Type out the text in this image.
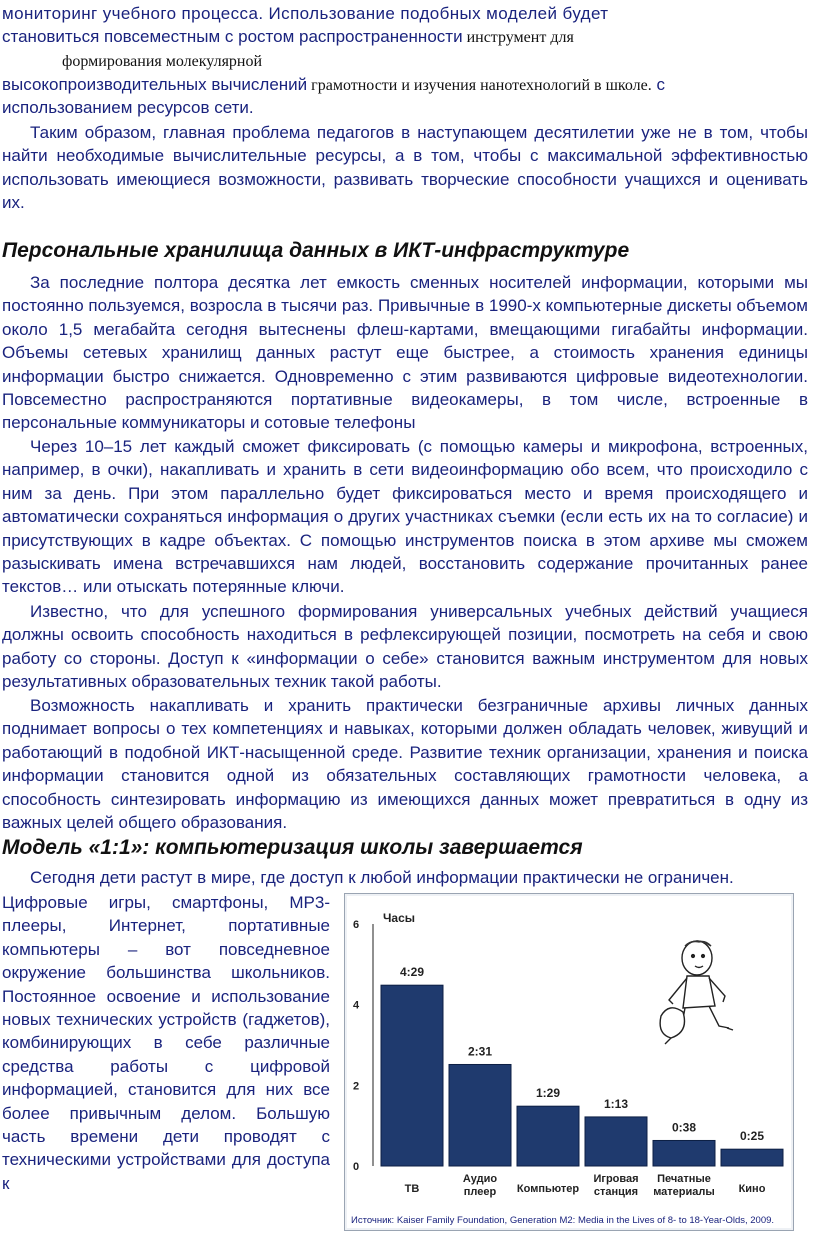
мониторинг учебного процесса. Использование подобных моделей будет
становиться повсеместным с ростом распространенности инструмент для
формирования молекулярной
высокопроизводительных вычислений грамотности и изучения нанотехнологий в школе. с
использованием ресурсов сети.

Таким образом, главная проблема педагогов в наступающем десятилетии уже не в том, чтобы найти необходимые вычислительные ресурсы, а в том, чтобы с максимальной эффективностью использовать имеющиеся возможности, развивать творческие способности учащихся и оценивать их.

Персональные хранилища данных в ИКТ-инфраструктуре

За последние полтора десятка лет емкость сменных носителей информации, которыми мы постоянно пользуемся, возросла в тысячи раз. Привычные в 1990-х компьютерные дискеты объемом около 1,5 мегабайта сегодня вытеснены флеш-картами, вмещающими гигабайты информации. Объемы сетевых хранилищ данных растут еще быстрее, а стоимость хранения единицы информации быстро снижается. Одновременно с этим развиваются цифровые видеотехнологии. Повсеместно распространяются портативные видеокамеры, в том числе, встроенные в персональные коммуникаторы и сотовые телефоны

Через 10–15 лет каждый сможет фиксировать (с помощью камеры и микрофона, встроенных, например, в очки), накапливать и хранить в сети видеоинформацию обо всем, что происходило с ним за день. При этом параллельно будет фиксироваться место и время происходящего и автоматически сохраняться информация о других участниках съемки (если есть их на то согласие) и присутствующих в кадре объектах. С помощью инструментов поиска в этом архиве мы сможем разыскивать имена встречавшихся нам людей, восстановить содержание прочитанных ранее текстов… или отыскать потерянные ключи.

Известно, что для успешного формирования универсальных учебных действий учащиеся должны освоить способность находиться в рефлексирующей позиции, посмотреть на себя и свою работу со стороны. Доступ к «информации о себе» становится важным инструментом для новых результативных образовательных техник такой работы.

Возможность накапливать и хранить практически безграничные архивы личных данных поднимает вопросы о тех компетенциях и навыках, которыми должен обладать человек, живущий и работающий в подобной ИКТ-насыщенной среде. Развитие техник организации, хранения и поиска информации становится одной из обязательных составляющих грамотности человека, а способность синтезировать информацию из имеющихся данных может превратиться в одну из важных целей общего образования.

Модель «1:1»: компьютеризация школы завершается

Сегодня дети растут в мире, где доступ к любой информации практически не ограничен.

Цифровые игры, смартфоны, MP3-плееры, Интернет, портативные компьютеры – вот повседневное окружение большинства школьников. Постоянное освоение и использование новых технических устройств (гаджетов), комбинирующих в себе различные средства работы с цифровой информацией, становится для них все более привычным делом. Большую часть времени дети проводят с техническими устройствами для доступа к

Часы
0
2
4
6
4:29
2:31
1:29
1:13
0:38
0:25
ТВ
Аудио плеер Компьютер
Игровая станция
Печатные материалы Кино
Источник: Kaiser Family Foundation, Generation M2: Media in the Lives of 8- to 18-Year-Olds, 2009.
